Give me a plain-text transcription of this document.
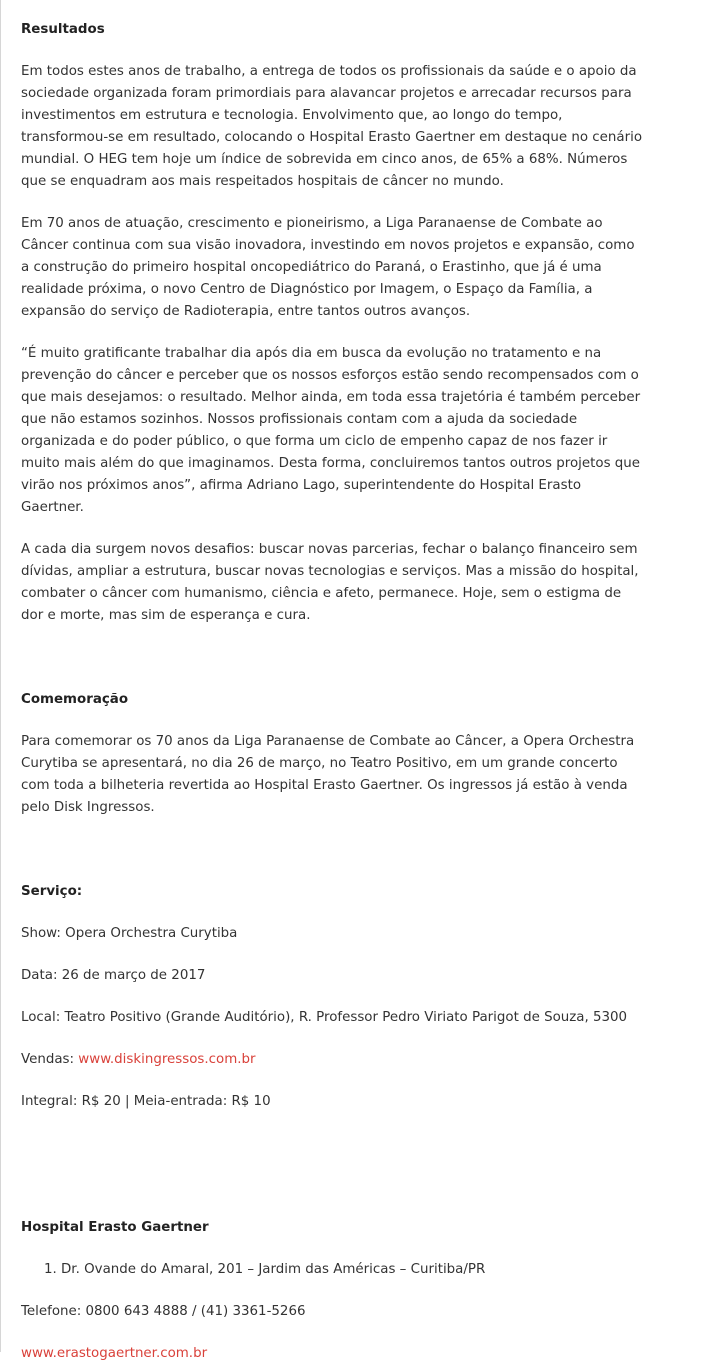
Resultados

Em todos estes anos de trabalho, a entrega de todos os profissionais da saúde e o apoio da sociedade organizada foram primordiais para alavancar projetos e arrecadar recursos para investimentos em estrutura e tecnologia. Envolvimento que, ao longo do tempo, transformou-se em resultado, colocando o Hospital Erasto Gaertner em destaque no cenário mundial. O HEG tem hoje um índice de sobrevida em cinco anos, de 65% a 68%. Números que se enquadram aos mais respeitados hospitais de câncer no mundo.

Em 70 anos de atuação, crescimento e pioneirismo, a Liga Paranaense de Combate ao Câncer continua com sua visão inovadora, investindo em novos projetos e expansão, como a construção do primeiro hospital oncopediátrico do Paraná, o Erastinho, que já é uma realidade próxima, o novo Centro de Diagnóstico por Imagem, o Espaço da Família, a expansão do serviço de Radioterapia, entre tantos outros avanços.

“É muito gratificante trabalhar dia após dia em busca da evolução no tratamento e na prevenção do câncer e perceber que os nossos esforços estão sendo recompensados com o que mais desejamos: o resultado. Melhor ainda, em toda essa trajetória é também perceber que não estamos sozinhos. Nossos profissionais contam com a ajuda da sociedade organizada e do poder público, o que forma um ciclo de empenho capaz de nos fazer ir muito mais além do que imaginamos. Desta forma, concluiremos tantos outros projetos que virão nos próximos anos”, afirma Adriano Lago, superintendente do Hospital Erasto Gaertner.

A cada dia surgem novos desafios: buscar novas parcerias, fechar o balanço financeiro sem dívidas, ampliar a estrutura, buscar novas tecnologias e serviços. Mas a missão do hospital, combater o câncer com humanismo, ciência e afeto, permanece. Hoje, sem o estigma de dor e morte, mas sim de esperança e cura.

Comemoração

Para comemorar os 70 anos da Liga Paranaense de Combate ao Câncer, a Opera Orchestra Curytiba se apresentará, no dia 26 de março, no Teatro Positivo, em um grande concerto com toda a bilheteria revertida ao Hospital Erasto Gaertner. Os ingressos já estão à venda pelo Disk Ingressos.

Serviço:

Show: Opera Orchestra Curytiba

Data: 26 de março de 2017

Local: Teatro Positivo (Grande Auditório), R. Professor Pedro Viriato Parigot de Souza, 5300

Vendas: www.diskingressos.com.br

Integral: R$ 20 | Meia-entrada: R$ 10

Hospital Erasto Gaertner
1. Dr. Ovande do Amaral, 201 – Jardim das Américas – Curitiba/PR

Telefone: 0800 643 4888 / (41) 3361-5266

www.erastogaertner.com.br
